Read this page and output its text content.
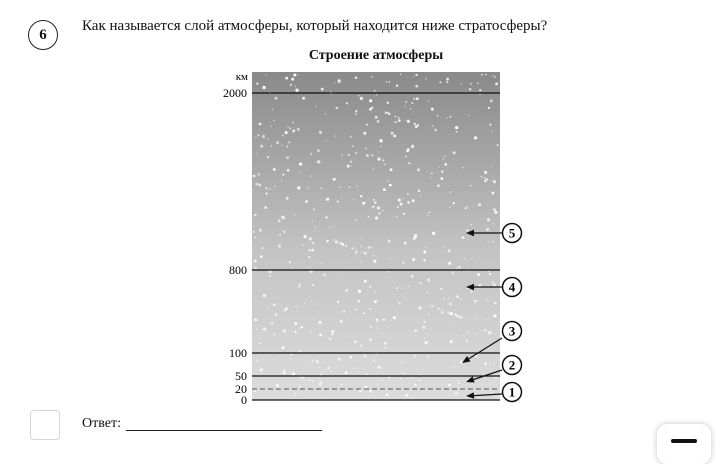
6
Как называется слой атмосферы, который находится ниже стратосферы?
Строение атмосферы
2000
800
100
50
20
0
1
2
3
4
5
км
Ответ:
